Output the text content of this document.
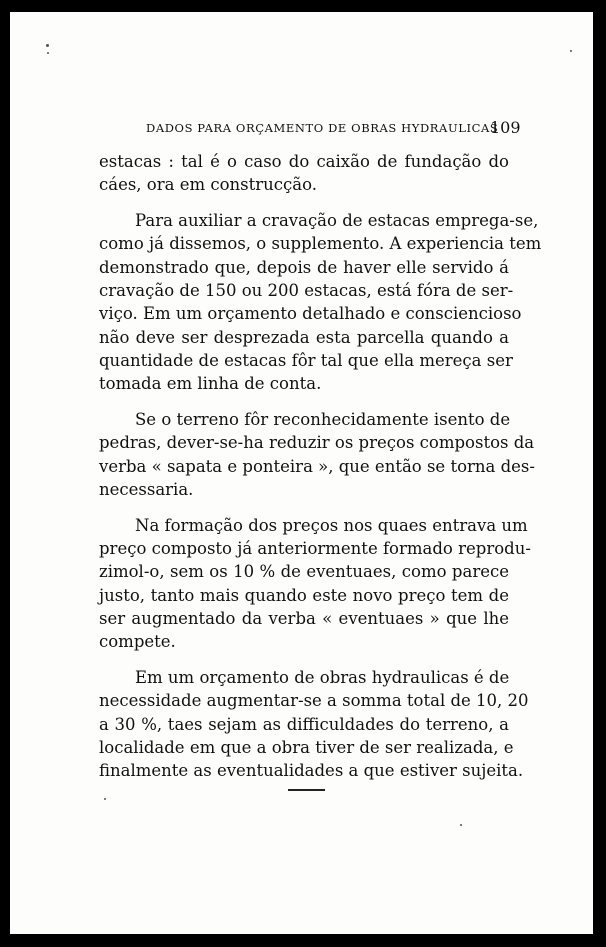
DADOS PARA ORÇAMENTO DE OBRAS HYDRAULICAS
109

estacas : tal é o caso do caixão de fundação do
cáes, ora em construcção.

Para auxiliar a cravação de estacas emprega-se,
como já dissemos, o supplemento. A experiencia tem
demonstrado que, depois de haver elle servido á
cravação de 150 ou 200 estacas, está fóra de ser-
viço. Em um orçamento detalhado e consciencioso
não deve ser desprezada esta parcella quando a
quantidade de estacas fôr tal que ella mereça ser
tomada em linha de conta.

Se o terreno fôr reconhecidamente isento de
pedras, dever-se-ha reduzir os preços compostos da
verba « sapata e ponteira », que então se torna des-
necessaria.

Na formação dos preços nos quaes entrava um
preço composto já anteriormente formado reprodu-
zimol-o, sem os 10 % de eventuaes, como parece
justo, tanto mais quando este novo preço tem de
ser augmentado da verba « eventuaes » que lhe
compete.

Em um orçamento de obras hydraulicas é de
necessidade augmentar-se a somma total de 10, 20
a 30 %, taes sejam as difficuldades do terreno, a
localidade em que a obra tiver de ser realizada, e
finalmente as eventualidades a que estiver sujeita.
